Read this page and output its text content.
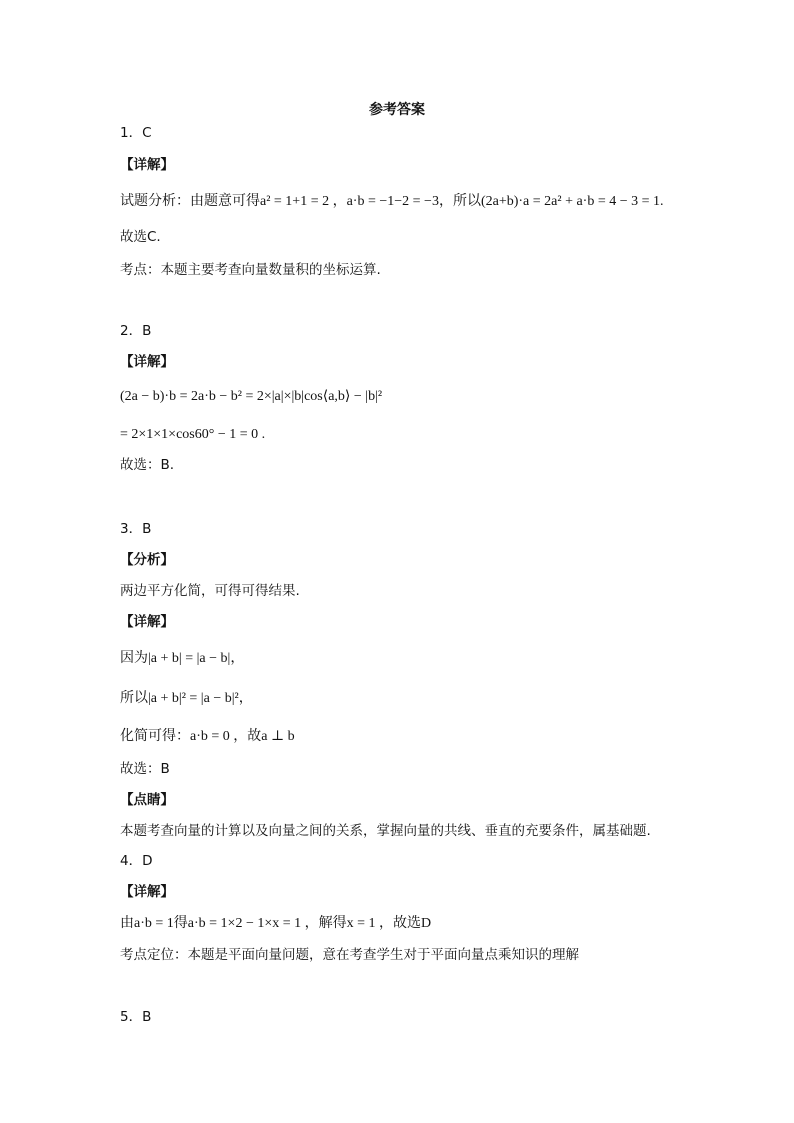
参考答案
1．C
【详解】
试题分析：由题意可得a² = 1+1 = 2 ，a·b = −1−2 = −3，所以(2a+b)·a = 2a² + a·b = 4 − 3 = 1.
故选C.
考点：本题主要考查向量数量积的坐标运算.
2．B
【详解】
(2a − b)·b = 2a·b − b² = 2×|a|×|b|cos⟨a,b⟩ − |b|²
= 2×1×1×cos60° − 1 = 0 .
故选：B.
3．B
【分析】
两边平方化简，可得可得结果.
【详解】
因为|a + b| = |a − b|，
所以|a + b|² = |a − b|²，
化简可得：a·b = 0 ，故a ⊥ b
故选：B
【点睛】
本题考查向量的计算以及向量之间的关系，掌握向量的共线、垂直的充要条件，属基础题.
4．D
【详解】
由a·b = 1得a·b = 1×2 − 1×x = 1 ，解得x = 1 ，故选D
考点定位：本题是平面向量问题，意在考查学生对于平面向量点乘知识的理解
5．B
